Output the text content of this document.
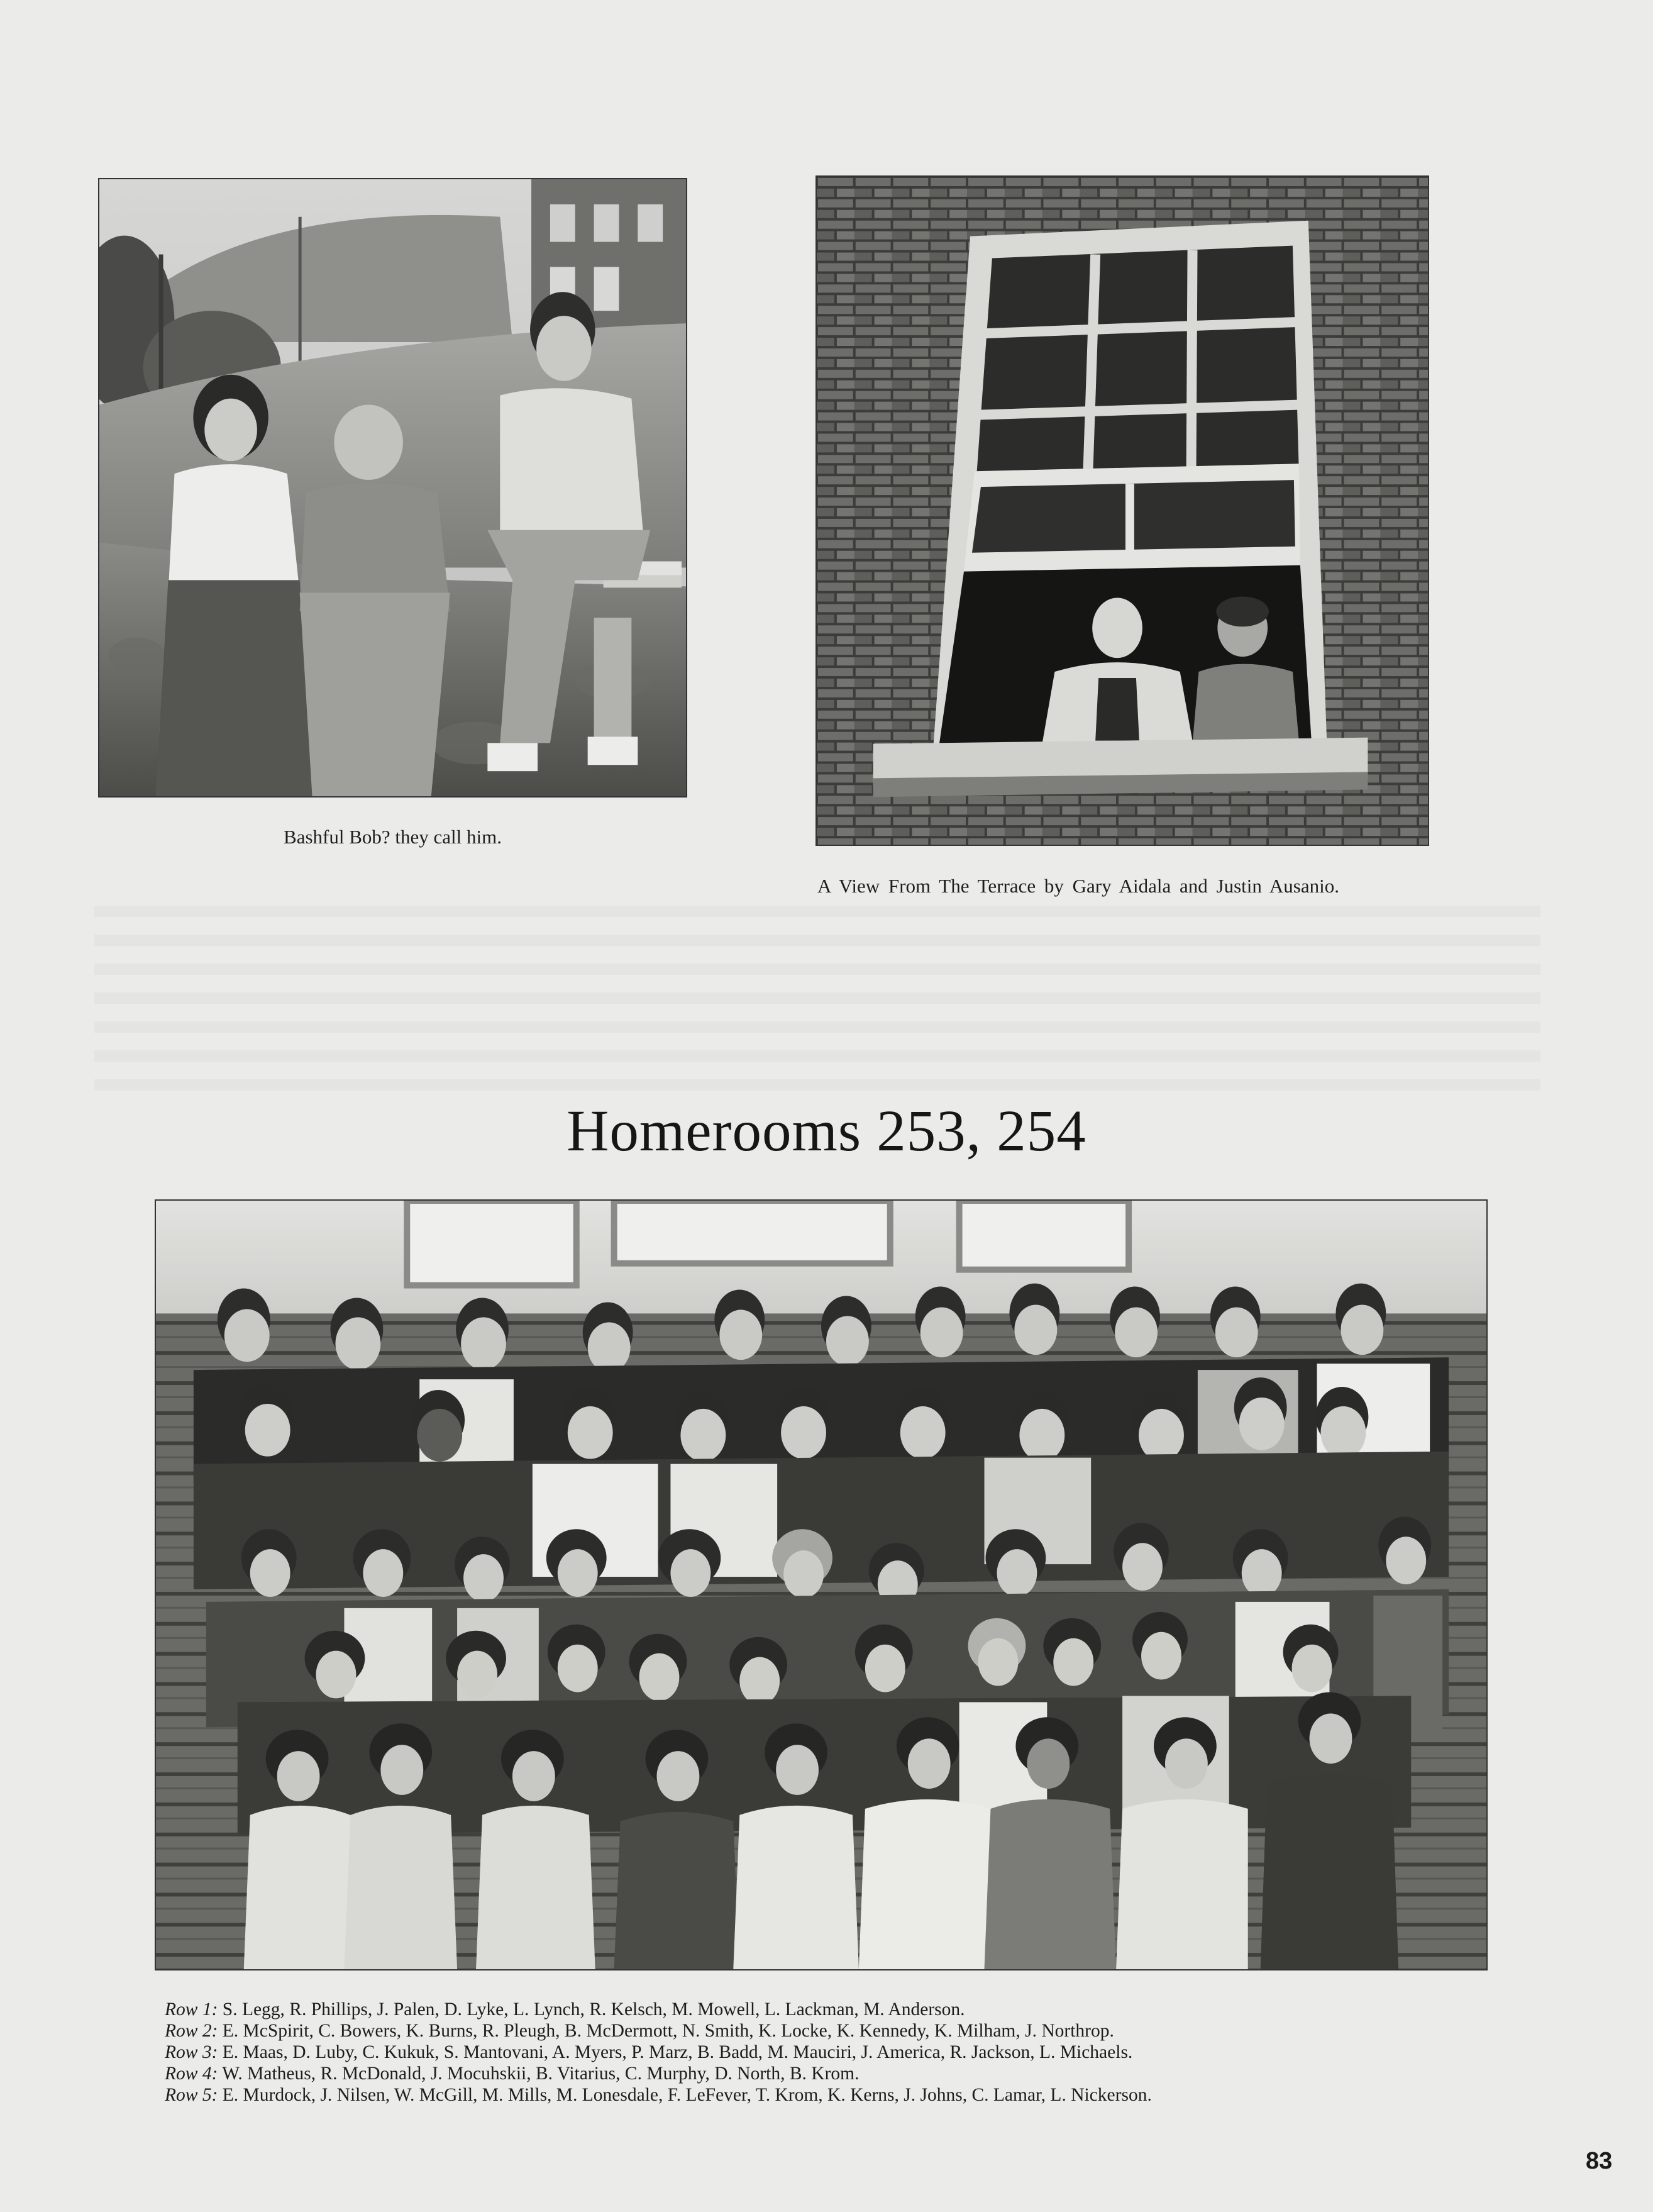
Bashful Bob? they call him.
A View From The Terrace by Gary Aidala and Justin Ausanio.
Homerooms 253, 254
Row 1: S. Legg, R. Phillips, J. Palen, D. Lyke, L. Lynch, R. Kelsch, M. Mowell, L. Lackman, M. Anderson.
Row 2: E. McSpirit, C. Bowers, K. Burns, R. Pleugh, B. McDermott, N. Smith, K. Locke, K. Kennedy, K. Milham, J. Northrop.
Row 3: E. Maas, D. Luby, C. Kukuk, S. Mantovani, A. Myers, P. Marz, B. Badd, M. Mauciri, J. America, R. Jackson, L. Michaels.
Row 4: W. Matheus, R. McDonald, J. Mocuhskii, B. Vitarius, C. Murphy, D. North, B. Krom.
Row 5: E. Murdock, J. Nilsen, W. McGill, M. Mills, M. Lonesdale, F. LeFever, T. Krom, K. Kerns, J. Johns, C. Lamar, L. Nickerson.
83
